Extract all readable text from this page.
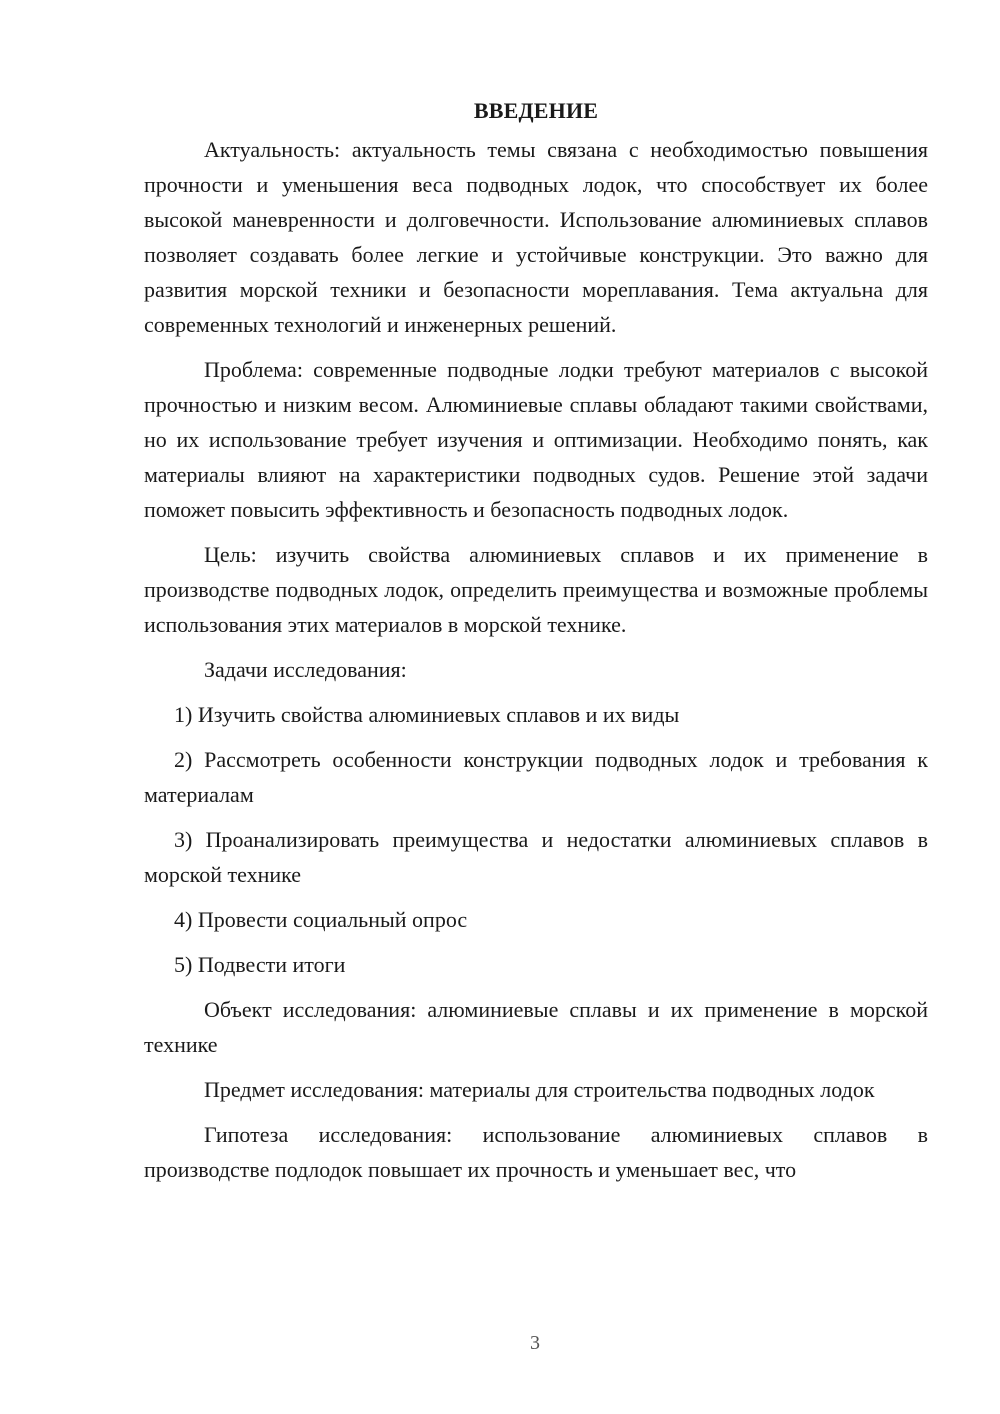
ВВЕДЕНИЕ

Актуальность: актуальность темы связана с необходимостью повышения прочности и уменьшения веса подводных лодок, что способствует их более высокой маневренности и долговечности. Использование алюминиевых сплавов позволяет создавать более легкие и устойчивые конструкции. Это важно для развития морской техники и безопасности мореплавания. Тема актуальна для современных технологий и инженерных решений.

Проблема: современные подводные лодки требуют материалов с высокой прочностью и низким весом. Алюминиевые сплавы обладают такими свойствами, но их использование требует изучения и оптимизации. Необходимо понять, как материалы влияют на характеристики подводных судов. Решение этой задачи поможет повысить эффективность и безопасность подводных лодок.

Цель: изучить свойства алюминиевых сплавов и их применение в производстве подводных лодок, определить преимущества и возможные проблемы использования этих материалов в морской технике.

Задачи исследования:

1) Изучить свойства алюминиевых сплавов и их виды

2) Рассмотреть особенности конструкции подводных лодок и требования к материалам

3) Проанализировать преимущества и недостатки алюминиевых сплавов в морской технике

4) Провести социальный опрос

5) Подвести итоги

Объект исследования: алюминиевые сплавы и их применение в морской технике

Предмет исследования: материалы для строительства подводных лодок

Гипотеза исследования: использование алюминиевых сплавов в производстве подлодок повышает их прочность и уменьшает вес, что

3
